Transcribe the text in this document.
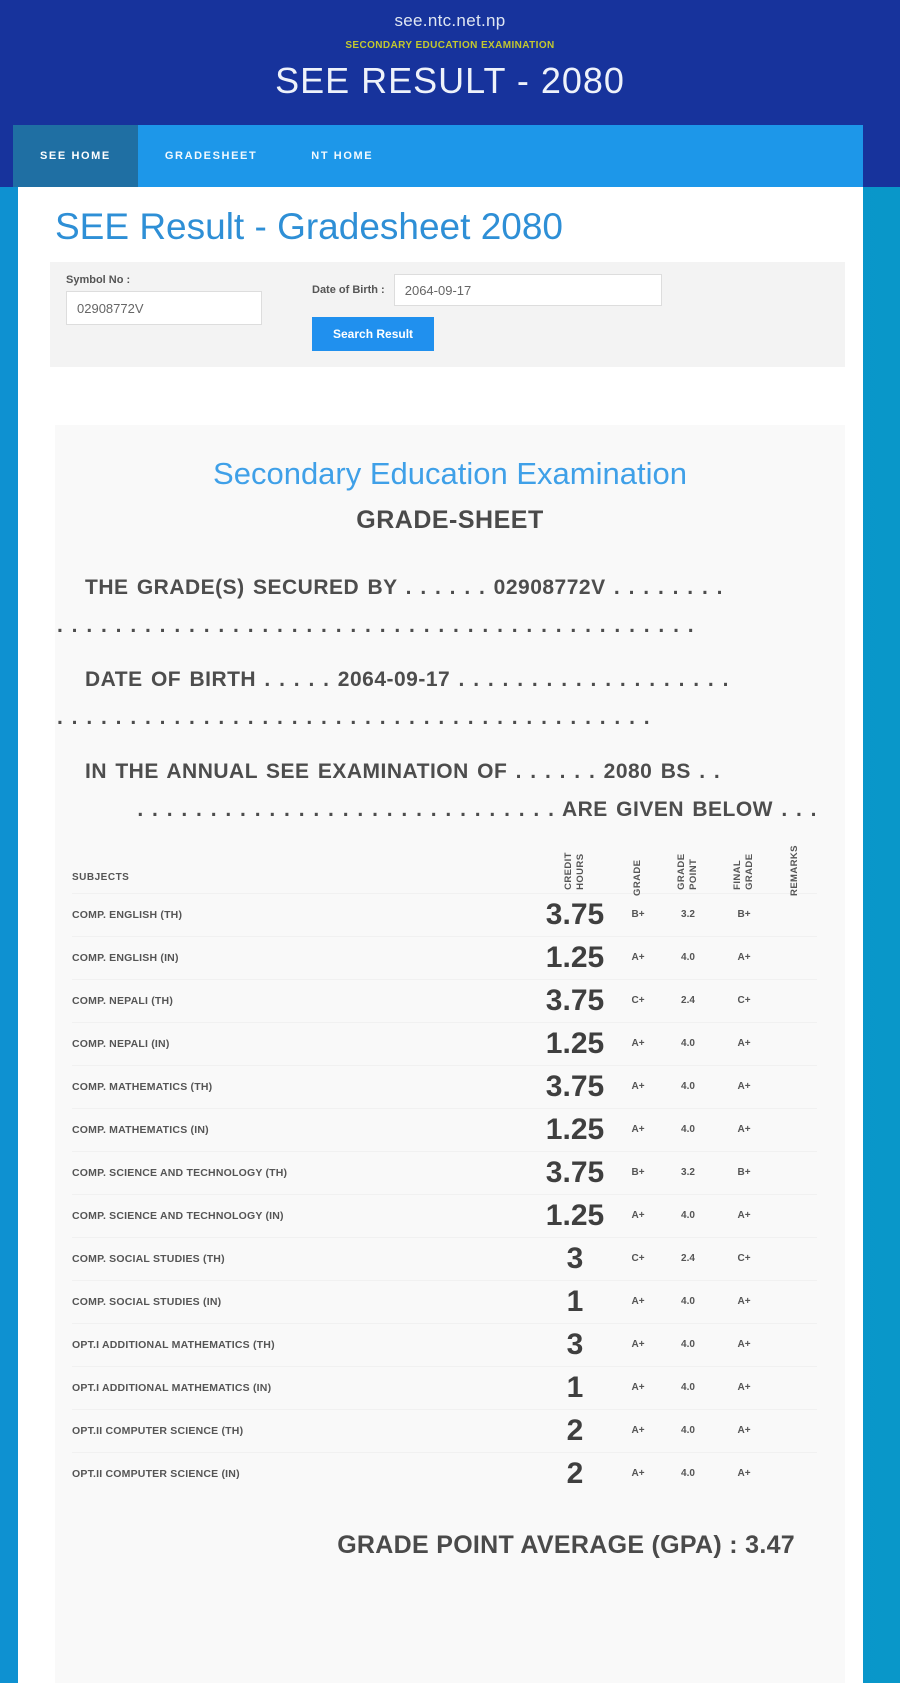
see.ntc.net.np
SECONDARY EDUCATION EXAMINATION
SEE RESULT - 2080
SEE HOME	GRADESHEET	NT HOME
SEE Result - Gradesheet 2080
Symbol No :
02908772V
Date of Birth :
2064-09-17
Search Result
Secondary Education Examination
GRADE-SHEET
THE GRADE(S) SECURED BY . . . . . . 02908772V . . . . . . . .
. . . . . . . . . . . . . . . . . . . . . . . . . . . . . . . . . . . . . . . . . . . .
DATE OF BIRTH . . . . . 2064-09-17 . . . . . . . . . . . . . . . . . . .
. . . . . . . . . . . . . . . . . . . . . . . . . . . . . . . . . . . . . . . . .
IN THE ANNUAL SEE EXAMINATION OF . . . . . . 2080 BS . .
. . . . . . . . . . . . . . . . . . . . . . . . . . . . . ARE GIVEN BELOW . . .
SUBJECTS	CREDIT HOURS	GRADE	GRADE POINT	FINAL GRADE	REMARKS

COMP. ENGLISH (TH)	3.75	B+	3.2	B+	
COMP. ENGLISH (IN)	1.25	A+	4.0	A+	
COMP. NEPALI (TH)	3.75	C+	2.4	C+	
COMP. NEPALI (IN)	1.25	A+	4.0	A+	
COMP. MATHEMATICS (TH)	3.75	A+	4.0	A+	
COMP. MATHEMATICS (IN)	1.25	A+	4.0	A+	
COMP. SCIENCE AND TECHNOLOGY (TH)	3.75	B+	3.2	B+	
COMP. SCIENCE AND TECHNOLOGY (IN)	1.25	A+	4.0	A+	
COMP. SOCIAL STUDIES (TH)	3	C+	2.4	C+	
COMP. SOCIAL STUDIES (IN)	1	A+	4.0	A+	
OPT.I ADDITIONAL MATHEMATICS (TH)	3	A+	4.0	A+	
OPT.I ADDITIONAL MATHEMATICS (IN)	1	A+	4.0	A+	
OPT.II COMPUTER SCIENCE (TH)	2	A+	4.0	A+	
OPT.II COMPUTER SCIENCE (IN)	2	A+	4.0	A+	
GRADE POINT AVERAGE (GPA) : 3.47
